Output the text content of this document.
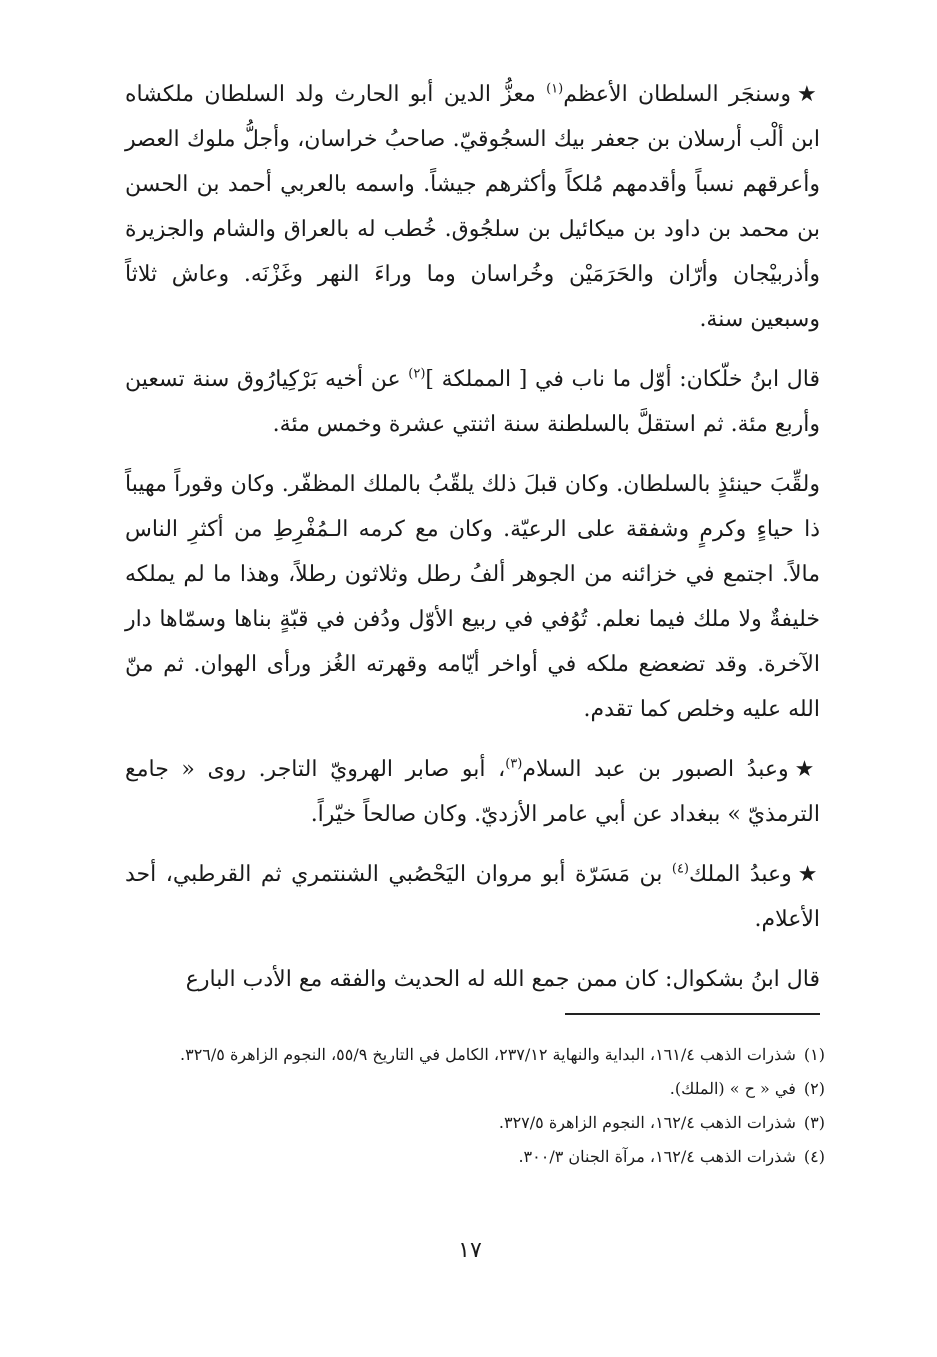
★وسنجَر السلطان الأعظم$^{(١)}$ معزُّ الدين أبو الحارث ولد السلطان ملكشاه ابن ألْب أرسلان بن جعفر بيك السجُوقيّ. صاحبُ خراسان، وأجلُّ ملوك العصر وأعرقهم نسباً وأقدمهم مُلكاً وأكثرهم جيشاً. واسمه بالعربي أحمد بن الحسن بن محمد بن داود بن ميكائيل بن سلجُوق. خُطب له بالعراق والشام والجزيرة وأذربيْجان وأرّان والحَرَمَيْن وخُراسان وما وراءَ النهر وغَزْنَه. وعاش ثلاثاً وسبعين سنة.

قال ابنُ خلّكان: أوّل ما ناب في [ المملكة ]$^{(٢)}$ عن أخيه بَرْكِيارُوق سنة تسعين وأربع مئة. ثم استقلَّ بالسلطنة سنة اثنتي عشرة وخمس مئة.

ولقِّبَ حينئذٍ بالسلطان. وكان قبلَ ذلك يلقّبُ بالملك المظفّر. وكان وقوراً مهيباً ذا حياءٍ وكرمٍ وشفقة على الرعيّة. وكان مع كرمه الـمُفْرِطِ من أكثرِ الناس مالاً. اجتمع في خزائنه من الجوهر ألفُ رطل وثلاثون رطلاً، وهذا ما لم يملكه خليفةٌ ولا ملك فيما نعلم. تُوُفي في ربيع الأوّل ودُفن في قبّةٍ بناها وسمّاها دار الآخرة. وقد تضعضع ملكه في أواخر أيّامه وقهرته الغُز ورأى الهوان. ثم منّ الله عليه وخلص كما تقدم.

★وعبدُ الصبور بن عبد السلام$^{(٣)}$، أبو صابر الهرويّ التاجر. روى « جامع الترمذيّ » ببغداد عن أبي عامر الأزديّ. وكان صالحاً خيّراً.

★وعبدُ الملك$^{(٤)}$ بن مَسَرّة أبو مروان اليَحْصُبي الشنتمري ثم القرطبي، أحد الأعلام.

قال ابنُ بشكوال: كان ممن جمع الله له الحديث والفقه مع الأدب البارع

(١)شذرات الذهب ١٦١/٤، البداية والنهاية ٢٣٧/١٢، الكامل في التاريخ ٥٥/٩، النجوم الزاهرة ٣٢٦/٥.
(٢)في « ح » (الملك).
(٣)شذرات الذهب ١٦٢/٤، النجوم الزاهرة ٣٢٧/٥.
(٤)شذرات الذهب ١٦٢/٤، مرآة الجنان ٣٠٠/٣.
١٧
